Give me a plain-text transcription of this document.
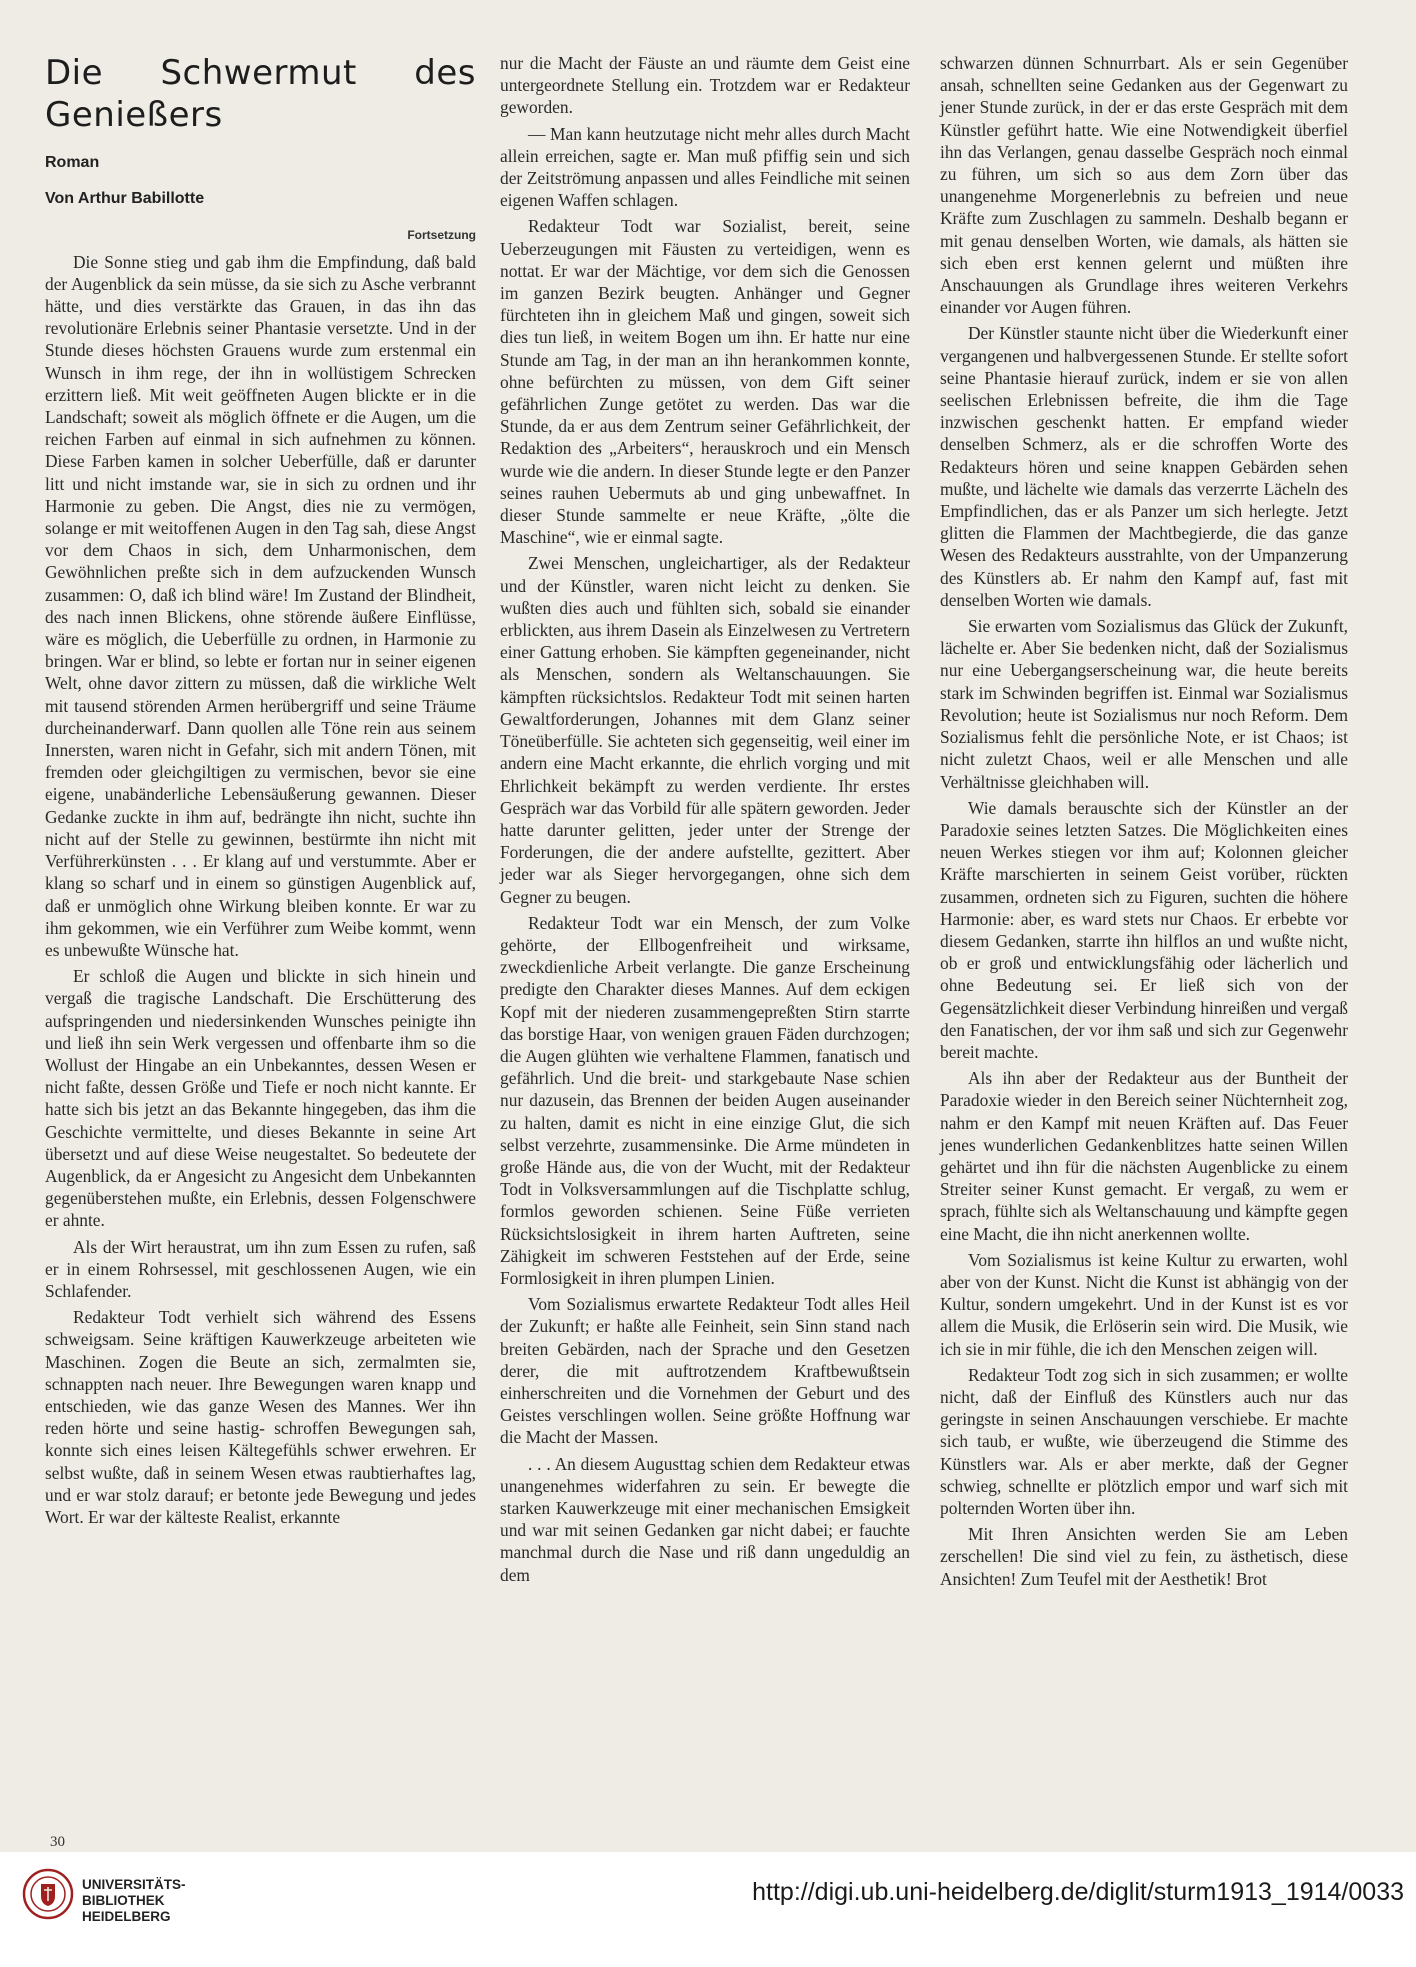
Die Schwermut des Genießers
Roman
Von Arthur Babillotte
Fortsetzung

Die Sonne stieg und gab ihm die Empfindung, daß bald der Augenblick da sein müsse, da sie sich zu Asche verbrannt hätte, und dies verstärkte das Grauen, in das ihn das revolutionäre Erlebnis seiner Phantasie versetzte. Und in der Stunde dieses höchsten Grauens wurde zum erstenmal ein Wunsch in ihm rege, der ihn in wollüstigem Schrecken erzittern ließ. Mit weit geöffneten Augen blickte er in die Landschaft; soweit als möglich öffnete er die Augen, um die reichen Farben auf einmal in sich aufnehmen zu können. Diese Farben kamen in solcher Ueberfülle, daß er darunter litt und nicht imstande war, sie in sich zu ordnen und ihr Harmonie zu geben. Die Angst, dies nie zu vermögen, solange er mit weitoffenen Augen in den Tag sah, diese Angst vor dem Chaos in sich, dem Unharmonischen, dem Gewöhnlichen preßte sich in dem aufzuckenden Wunsch zusammen: O, daß ich blind wäre! Im Zustand der Blindheit, des nach innen Blickens, ohne störende äußere Einflüsse, wäre es möglich, die Ueberfülle zu ordnen, in Harmonie zu bringen. War er blind, so lebte er fortan nur in seiner eigenen Welt, ohne davor zittern zu müssen, daß die wirkliche Welt mit tausend störenden Armen herübergriff und seine Träume durcheinanderwarf. Dann quollen alle Töne rein aus seinem Innersten, waren nicht in Gefahr, sich mit andern Tönen, mit fremden oder gleichgiltigen zu vermischen, bevor sie eine eigene, unabänderliche Lebensäußerung gewannen. Dieser Gedanke zuckte in ihm auf, bedrängte ihn nicht, suchte ihn nicht auf der Stelle zu gewinnen, bestürmte ihn nicht mit Verführerkünsten . . . Er klang auf und verstummte. Aber er klang so scharf und in einem so günstigen Augenblick auf, daß er unmöglich ohne Wirkung bleiben konnte. Er war zu ihm gekommen, wie ein Verführer zum Weibe kommt, wenn es unbewußte Wünsche hat.

Er schloß die Augen und blickte in sich hinein und vergaß die tragische Landschaft. Die Erschütterung des aufspringenden und niedersinkenden Wunsches peinigte ihn und ließ ihn sein Werk vergessen und offenbarte ihm so die Wollust der Hingabe an ein Unbekanntes, dessen Wesen er nicht faßte, dessen Größe und Tiefe er noch nicht kannte. Er hatte sich bis jetzt an das Bekannte hingegeben, das ihm die Geschichte vermittelte, und dieses Bekannte in seine Art übersetzt und auf diese Weise neugestaltet. So bedeutete der Augenblick, da er Angesicht zu Angesicht dem Unbekannten gegenüberstehen mußte, ein Erlebnis, dessen Folgenschwere er ahnte.

Als der Wirt heraustrat, um ihn zum Essen zu rufen, saß er in einem Rohrsessel, mit geschlossenen Augen, wie ein Schlafender.

Redakteur Todt verhielt sich während des Essens schweigsam. Seine kräftigen Kauwerkzeuge arbeiteten wie Maschinen. Zogen die Beute an sich, zermalmten sie, schnappten nach neuer. Ihre Bewegungen waren knapp und entschieden, wie das ganze Wesen des Mannes. Wer ihn reden hörte und seine hastig- schroffen Bewegungen sah, konnte sich eines leisen Kältegefühls schwer erwehren. Er selbst wußte, daß in seinem Wesen etwas raubtierhaftes lag, und er war stolz darauf; er betonte jede Bewegung und jedes Wort. Er war der kälteste Realist, erkannte

nur die Macht der Fäuste an und räumte dem Geist eine untergeordnete Stellung ein. Trotzdem war er Redakteur geworden.

— Man kann heutzutage nicht mehr alles durch Macht allein erreichen, sagte er. Man muß pfiffig sein und sich der Zeitströmung anpassen und alles Feindliche mit seinen eigenen Waffen schlagen.

Redakteur Todt war Sozialist, bereit, seine Ueberzeugungen mit Fäusten zu verteidigen, wenn es nottat. Er war der Mächtige, vor dem sich die Genossen im ganzen Bezirk beugten. Anhänger und Gegner fürchteten ihn in gleichem Maß und gingen, soweit sich dies tun ließ, in weitem Bogen um ihn. Er hatte nur eine Stunde am Tag, in der man an ihn herankommen konnte, ohne befürchten zu müssen, von dem Gift seiner gefährlichen Zunge getötet zu werden. Das war die Stunde, da er aus dem Zentrum seiner Gefährlichkeit, der Redaktion des „Arbeiters“, herauskroch und ein Mensch wurde wie die andern. In dieser Stunde legte er den Panzer seines rauhen Uebermuts ab und ging unbewaffnet. In dieser Stunde sammelte er neue Kräfte, „ölte die Maschine“, wie er einmal sagte.

Zwei Menschen, ungleichartiger, als der Redakteur und der Künstler, waren nicht leicht zu denken. Sie wußten dies auch und fühlten sich, sobald sie einander erblickten, aus ihrem Dasein als Einzelwesen zu Vertretern einer Gattung erhoben. Sie kämpften gegeneinander, nicht als Menschen, sondern als Weltanschauungen. Sie kämpften rücksichtslos. Redakteur Todt mit seinen harten Gewaltforderungen, Johannes mit dem Glanz seiner Töneüberfülle. Sie achteten sich gegenseitig, weil einer im andern eine Macht erkannte, die ehrlich vorging und mit Ehrlichkeit bekämpft zu werden verdiente. Ihr erstes Gespräch war das Vorbild für alle spätern geworden. Jeder hatte darunter gelitten, jeder unter der Strenge der Forderungen, die der andere aufstellte, gezittert. Aber jeder war als Sieger hervorgegangen, ohne sich dem Gegner zu beugen.

Redakteur Todt war ein Mensch, der zum Volke gehörte, der Ellbogenfreiheit und wirksame, zweckdienliche Arbeit verlangte. Die ganze Erscheinung predigte den Charakter dieses Mannes. Auf dem eckigen Kopf mit der niederen zusammengepreßten Stirn starrte das borstige Haar, von wenigen grauen Fäden durchzogen; die Augen glühten wie verhaltene Flammen, fanatisch und gefährlich. Und die breit- und starkgebaute Nase schien nur dazusein, das Brennen der beiden Augen auseinander zu halten, damit es nicht in eine einzige Glut, die sich selbst verzehrte, zusammensinke. Die Arme mündeten in große Hände aus, die von der Wucht, mit der Redakteur Todt in Volksversammlungen auf die Tischplatte schlug, formlos geworden schienen. Seine Füße verrieten Rücksichtslosigkeit in ihrem harten Auftreten, seine Zähigkeit im schweren Feststehen auf der Erde, seine Formlosigkeit in ihren plumpen Linien.

Vom Sozialismus erwartete Redakteur Todt alles Heil der Zukunft; er haßte alle Feinheit, sein Sinn stand nach breiten Gebärden, nach der Sprache und den Gesetzen derer, die mit auftrotzendem Kraftbewußtsein einherschreiten und die Vornehmen der Geburt und des Geistes verschlingen wollen. Seine größte Hoffnung war die Macht der Massen.

. . . An diesem Augusttag schien dem Redakteur etwas unangenehmes widerfahren zu sein. Er bewegte die starken Kauwerkzeuge mit einer mechanischen Emsigkeit und war mit seinen Gedanken gar nicht dabei; er fauchte manchmal durch die Nase und riß dann ungeduldig an dem

schwarzen dünnen Schnurrbart. Als er sein Gegenüber ansah, schnellten seine Gedanken aus der Gegenwart zu jener Stunde zurück, in der er das erste Gespräch mit dem Künstler geführt hatte. Wie eine Notwendigkeit überfiel ihn das Verlangen, genau dasselbe Gespräch noch einmal zu führen, um sich so aus dem Zorn über das unangenehme Morgenerlebnis zu befreien und neue Kräfte zum Zuschlagen zu sammeln. Deshalb begann er mit genau denselben Worten, wie damals, als hätten sie sich eben erst kennen gelernt und müßten ihre Anschauungen als Grundlage ihres weiteren Verkehrs einander vor Augen führen.

Der Künstler staunte nicht über die Wiederkunft einer vergangenen und halbvergessenen Stunde. Er stellte sofort seine Phantasie hierauf zurück, indem er sie von allen seelischen Erlebnissen befreite, die ihm die Tage inzwischen geschenkt hatten. Er empfand wieder denselben Schmerz, als er die schroffen Worte des Redakteurs hören und seine knappen Gebärden sehen mußte, und lächelte wie damals das verzerrte Lächeln des Empfindlichen, das er als Panzer um sich herlegte. Jetzt glitten die Flammen der Machtbegierde, die das ganze Wesen des Redakteurs ausstrahlte, von der Umpanzerung des Künstlers ab. Er nahm den Kampf auf, fast mit denselben Worten wie damals.

Sie erwarten vom Sozialismus das Glück der Zukunft, lächelte er. Aber Sie bedenken nicht, daß der Sozialismus nur eine Uebergangserscheinung war, die heute bereits stark im Schwinden begriffen ist. Einmal war Sozialismus Revolution; heute ist Sozialismus nur noch Reform. Dem Sozialismus fehlt die persönliche Note, er ist Chaos; ist nicht zuletzt Chaos, weil er alle Menschen und alle Verhältnisse gleichhaben will.

Wie damals berauschte sich der Künstler an der Paradoxie seines letzten Satzes. Die Möglichkeiten eines neuen Werkes stiegen vor ihm auf; Kolonnen gleicher Kräfte marschierten in seinem Geist vorüber, rückten zusammen, ordneten sich zu Figuren, suchten die höhere Harmonie: aber, es ward stets nur Chaos. Er erbebte vor diesem Gedanken, starrte ihn hilflos an und wußte nicht, ob er groß und entwicklungsfähig oder lächerlich und ohne Bedeutung sei. Er ließ sich von der Gegensätzlichkeit dieser Verbindung hinreißen und vergaß den Fanatischen, der vor ihm saß und sich zur Gegenwehr bereit machte.

Als ihn aber der Redakteur aus der Buntheit der Paradoxie wieder in den Bereich seiner Nüchternheit zog, nahm er den Kampf mit neuen Kräften auf. Das Feuer jenes wunderlichen Gedankenblitzes hatte seinen Willen gehärtet und ihn für die nächsten Augenblicke zu einem Streiter seiner Kunst gemacht. Er vergaß, zu wem er sprach, fühlte sich als Weltanschauung und kämpfte gegen eine Macht, die ihn nicht anerkennen wollte.

Vom Sozialismus ist keine Kultur zu erwarten, wohl aber von der Kunst. Nicht die Kunst ist abhängig von der Kultur, sondern umgekehrt. Und in der Kunst ist es vor allem die Musik, die Erlöserin sein wird. Die Musik, wie ich sie in mir fühle, die ich den Menschen zeigen will.

Redakteur Todt zog sich in sich zusammen; er wollte nicht, daß der Einfluß des Künstlers auch nur das geringste in seinen Anschauungen verschiebe. Er machte sich taub, er wußte, wie überzeugend die Stimme des Künstlers war. Als er aber merkte, daß der Gegner schwieg, schnellte er plötzlich empor und warf sich mit polternden Worten über ihn.

Mit Ihren Ansichten werden Sie am Leben zerschellen! Die sind viel zu fein, zu ästhetisch, diese Ansichten! Zum Teufel mit der Aesthetik! Brot

30
UNIVERSITÄTS-
BIBLIOTHEK
HEIDELBERG
http://digi.ub.uni-heidelberg.de/diglit/sturm1913_1914/0033
